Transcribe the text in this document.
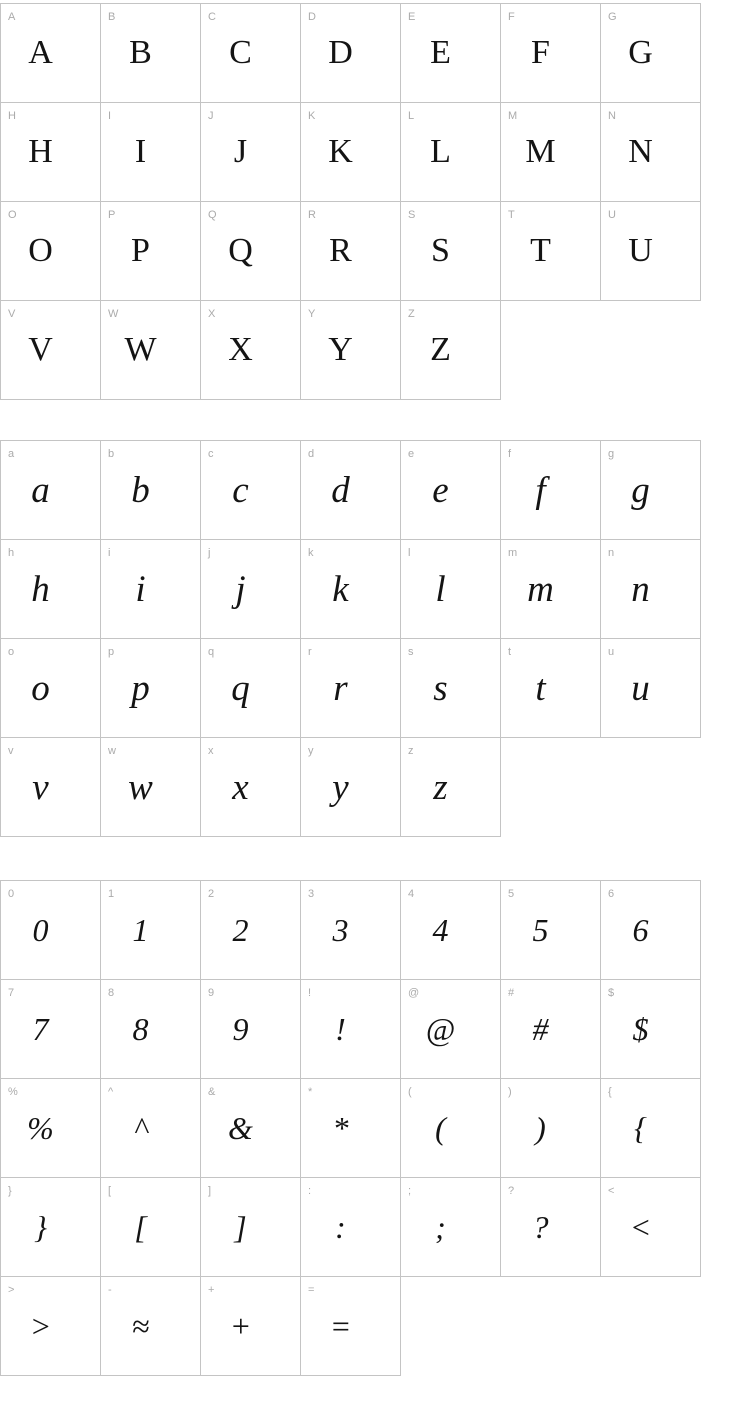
A
A
B
B
C
C
D
D
E
E
F
F
G
G
H
H
I
I
J
J
K
K
L
L
M
M
N
N
O
O
P
P
Q
Q
R
R
S
S
T
T
U
U
V
V
W
W
X
X
Y
Y
Z
Z
a
a
b
b
c
c
d
d
e
e
f
f
g
g
h
h
i
i
j
j
k
k
l
l
m
m
n
n
o
o
p
p
q
q
r
r
s
s
t
t
u
u
v
v
w
w
x
x
y
y
z
z
0
0
1
1
2
2
3
3
4
4
5
5
6
6
7
7
8
8
9
9
!
!
@
@
#
#
$
$
%
%
^
^
&
&
*
*
(
(
)
)
{
{
}
}
[
[
]
]
:
:
;
;
?
?
<
<
>
>
-
≈
+
+
=
=
